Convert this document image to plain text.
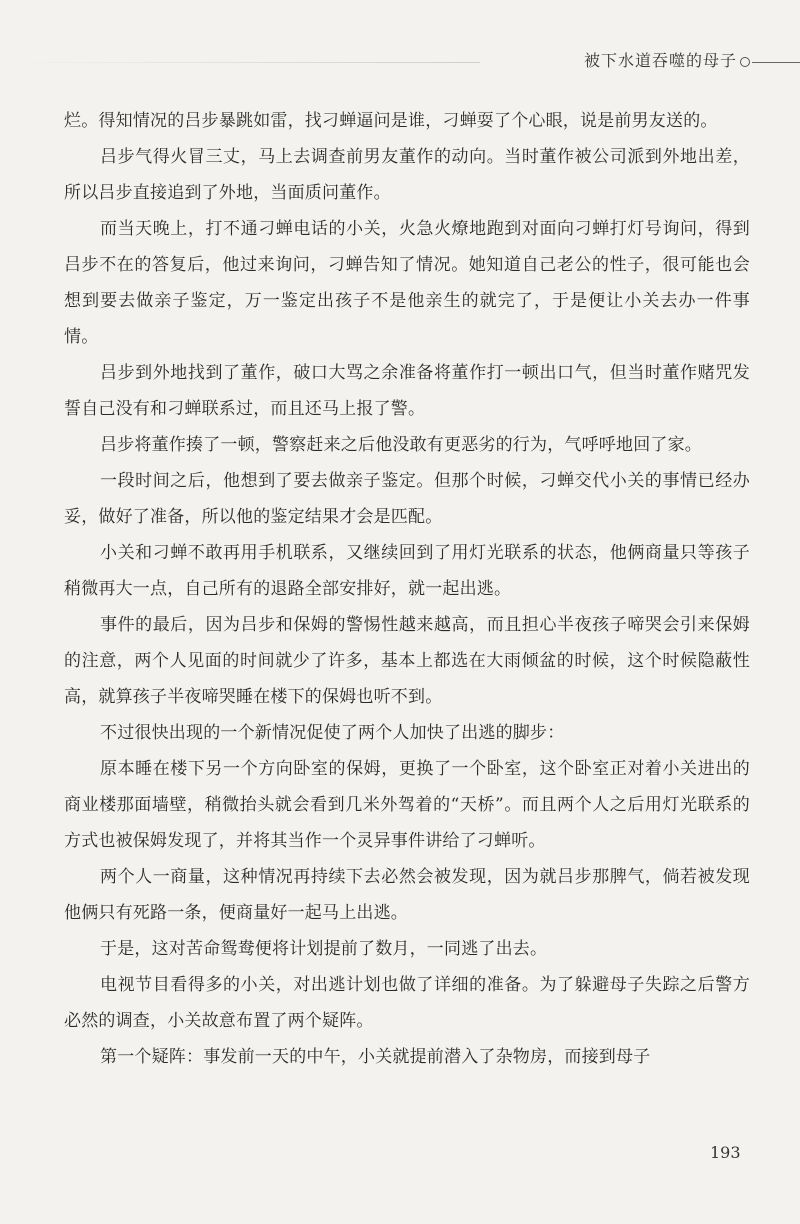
被下水道吞噬的母子

烂。得知情况的吕步暴跳如雷，找刁蝉逼问是谁，刁蝉耍了个心眼，说是前男友送的。

吕步气得火冒三丈，马上去调查前男友董作的动向。当时董作被公司派到外地出差，所以吕步直接追到了外地，当面质问董作。

而当天晚上，打不通刁蝉电话的小关，火急火燎地跑到对面向刁蝉打灯号询问，得到吕步不在的答复后，他过来询问，刁蝉告知了情况。她知道自己老公的性子，很可能也会想到要去做亲子鉴定，万一鉴定出孩子不是他亲生的就完了，于是便让小关去办一件事情。

吕步到外地找到了董作，破口大骂之余准备将董作打一顿出口气，但当时董作赌咒发誓自己没有和刁蝉联系过，而且还马上报了警。

吕步将董作揍了一顿，警察赶来之后他没敢有更恶劣的行为，气呼呼地回了家。

一段时间之后，他想到了要去做亲子鉴定。但那个时候，刁蝉交代小关的事情已经办妥，做好了准备，所以他的鉴定结果才会是匹配。

小关和刁蝉不敢再用手机联系，又继续回到了用灯光联系的状态，他俩商量只等孩子稍微再大一点，自己所有的退路全部安排好，就一起出逃。

事件的最后，因为吕步和保姆的警惕性越来越高，而且担心半夜孩子啼哭会引来保姆的注意，两个人见面的时间就少了许多，基本上都选在大雨倾盆的时候，这个时候隐蔽性高，就算孩子半夜啼哭睡在楼下的保姆也听不到。

不过很快出现的一个新情况促使了两个人加快了出逃的脚步：

原本睡在楼下另一个方向卧室的保姆，更换了一个卧室，这个卧室正对着小关进出的商业楼那面墙壁，稍微抬头就会看到几米外驾着的“天桥”。而且两个人之后用灯光联系的方式也被保姆发现了，并将其当作一个灵异事件讲给了刁蝉听。

两个人一商量，这种情况再持续下去必然会被发现，因为就吕步那脾气，倘若被发现他俩只有死路一条，便商量好一起马上出逃。

于是，这对苦命鸳鸯便将计划提前了数月，一同逃了出去。

电视节目看得多的小关，对出逃计划也做了详细的准备。为了躲避母子失踪之后警方必然的调查，小关故意布置了两个疑阵。

第一个疑阵：事发前一天的中午，小关就提前潜入了杂物房，而接到母子

193
